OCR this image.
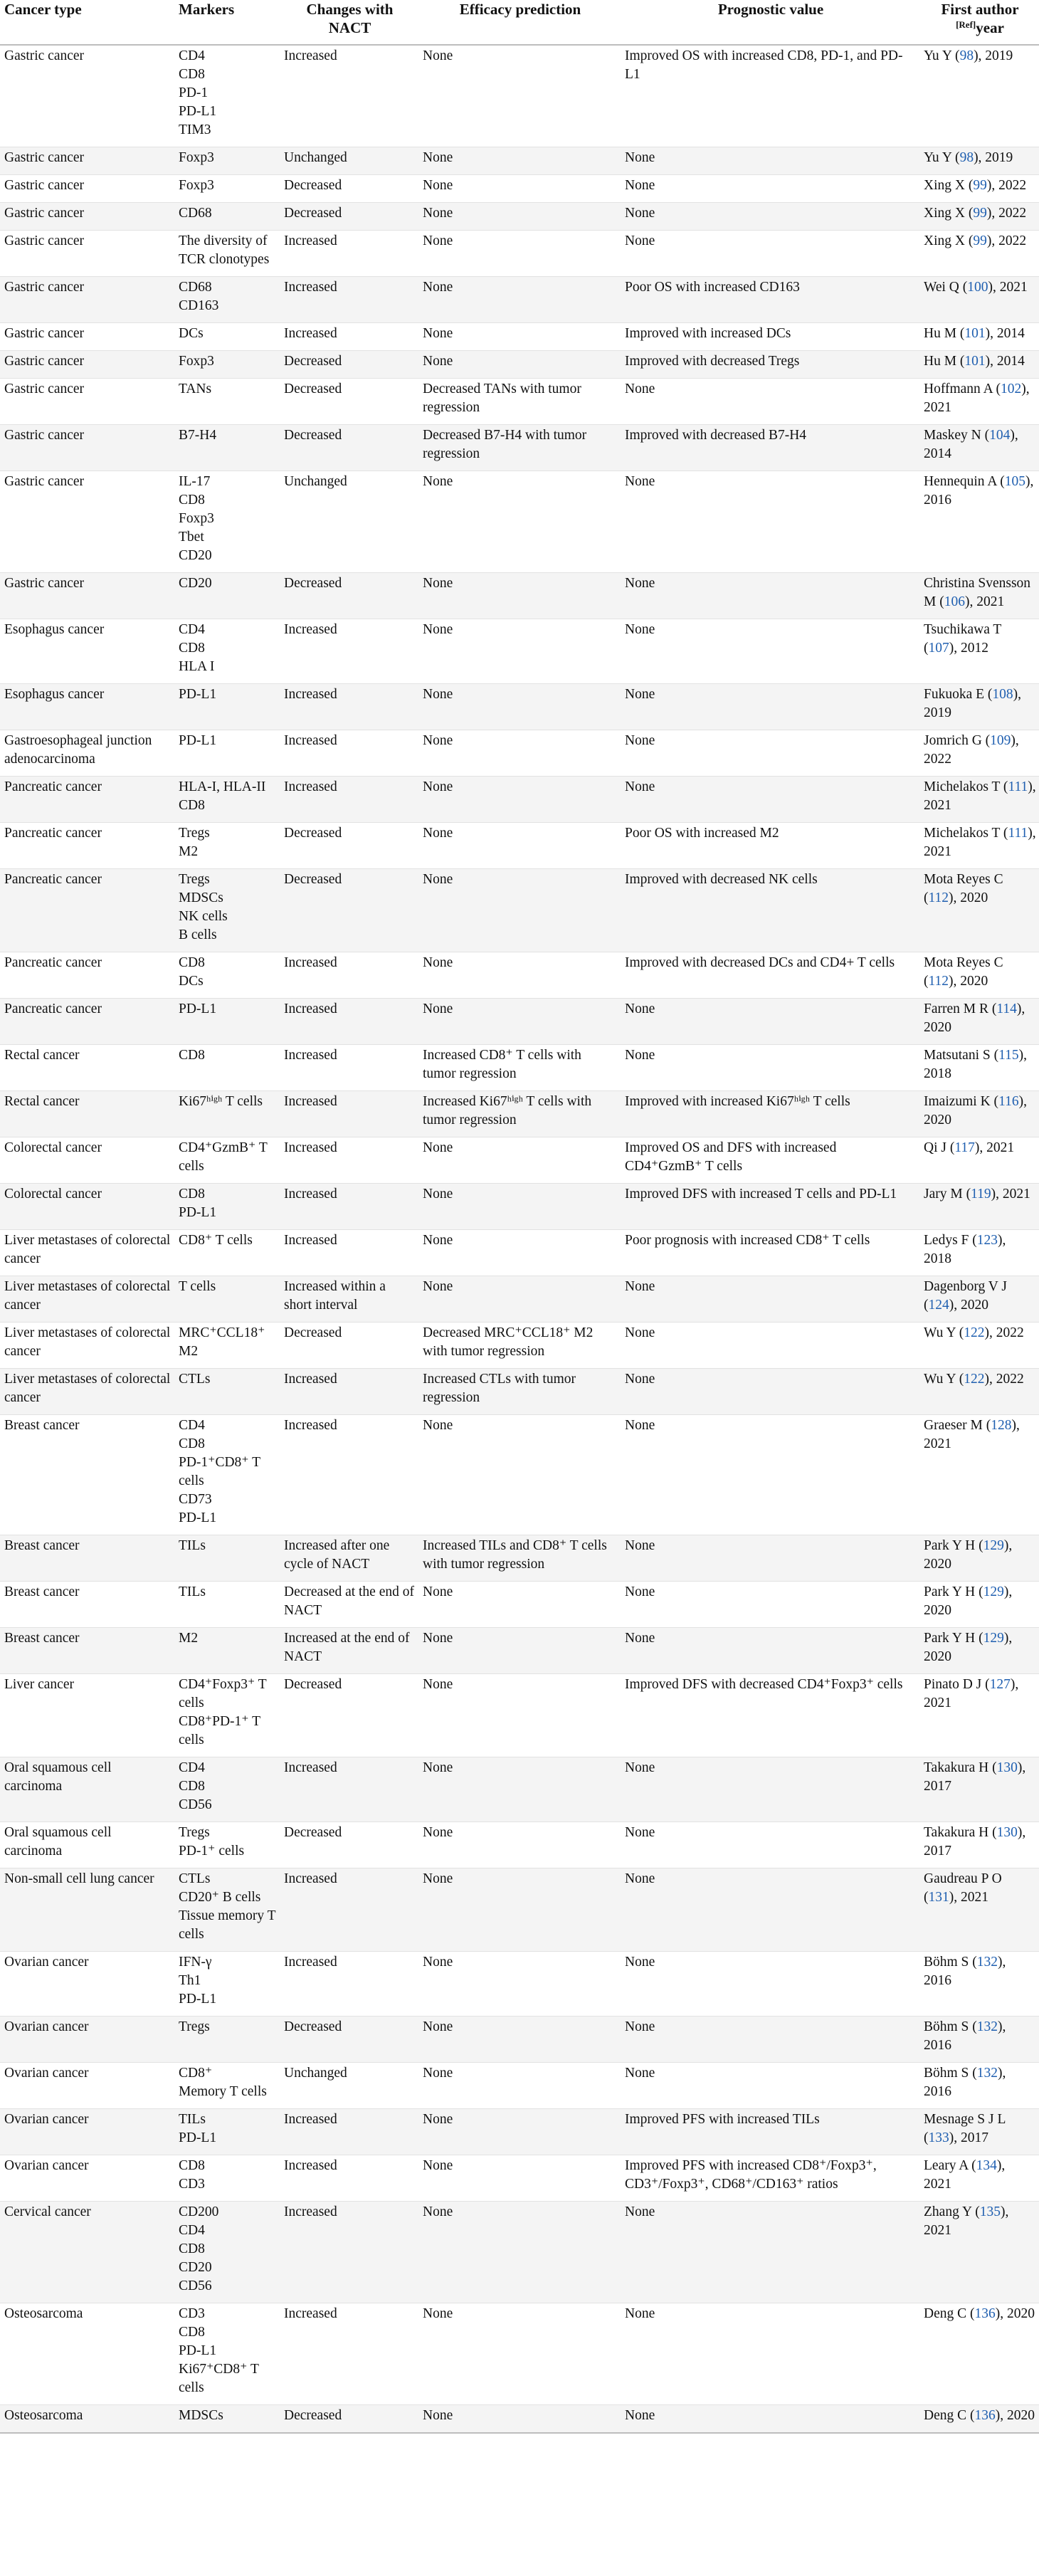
Cancer type	Markers	Changes with NACT	Efficacy prediction	Prognostic value	First author
[Ref]year
Gastric cancer	CD4
CD8
PD-1
PD-L1
TIM3	Increased	None	Improved OS with increased CD8, PD-1, and PD-L1	Yu Y (98), 2019
Gastric cancer	Foxp3	Unchanged	None	None	Yu Y (98), 2019
Gastric cancer	Foxp3	Decreased	None	None	Xing X (99), 2022
Gastric cancer	CD68	Decreased	None	None	Xing X (99), 2022
Gastric cancer	The diversity of TCR clonotypes	Increased	None	None	Xing X (99), 2022
Gastric cancer	CD68
CD163	Increased	None	Poor OS with increased CD163	Wei Q (100), 2021
Gastric cancer	DCs	Increased	None	Improved with increased DCs	Hu M (101), 2014
Gastric cancer	Foxp3	Decreased	None	Improved with decreased Tregs	Hu M (101), 2014
Gastric cancer	TANs	Decreased	Decreased TANs with tumor regression	None	Hoffmann A (102), 2021
Gastric cancer	B7-H4	Decreased	Decreased B7-H4 with tumor regression	Improved with decreased B7-H4	Maskey N (104), 2014
Gastric cancer	IL-17
CD8
Foxp3
Tbet
CD20	Unchanged	None	None	Hennequin A (105), 2016
Gastric cancer	CD20	Decreased	None	None	Christina Svensson M (106), 2021
Esophagus cancer	CD4
CD8
HLA I	Increased	None	None	Tsuchikawa T (107), 2012
Esophagus cancer	PD-L1	Increased	None	None	Fukuoka E (108), 2019
Gastroesophageal junction adenocarcinoma	PD-L1	Increased	None	None	Jomrich G (109), 2022
Pancreatic cancer	HLA-I, HLA-II
CD8	Increased	None	None	Michelakos T (111), 2021
Pancreatic cancer	Tregs
M2	Decreased	None	Poor OS with increased M2	Michelakos T (111), 2021
Pancreatic cancer	Tregs
MDSCs
NK cells
B cells	Decreased	None	Improved with decreased NK cells	Mota Reyes C (112), 2020
Pancreatic cancer	CD8
DCs	Increased	None	Improved with decreased DCs and CD4+ T cells	Mota Reyes C (112), 2020
Pancreatic cancer	PD-L1	Increased	None	None	Farren M R (114), 2020
Rectal cancer	CD8	Increased	Increased CD8⁺ T cells with tumor regression	None	Matsutani S (115), 2018
Rectal cancer	Ki67ʰⁱᵍʰ T cells	Increased	Increased Ki67ʰⁱᵍʰ T cells with tumor regression	Improved with increased Ki67ʰⁱᵍʰ T cells	Imaizumi K (116), 2020
Colorectal cancer	CD4⁺GzmB⁺ T cells	Increased	None	Improved OS and DFS with increased CD4⁺GzmB⁺ T cells	Qi J (117), 2021
Colorectal cancer	CD8
PD-L1	Increased	None	Improved DFS with increased T cells and PD-L1	Jary M (119), 2021
Liver metastases of colorectal cancer	CD8⁺ T cells	Increased	None	Poor prognosis with increased CD8⁺ T cells	Ledys F (123), 2018
Liver metastases of colorectal cancer	T cells	Increased within a short interval	None	None	Dagenborg V J (124), 2020
Liver metastases of colorectal cancer	MRC⁺CCL18⁺ M2	Decreased	Decreased MRC⁺CCL18⁺ M2 with tumor regression	None	Wu Y (122), 2022
Liver metastases of colorectal cancer	CTLs	Increased	Increased CTLs with tumor regression	None	Wu Y (122), 2022
Breast cancer	CD4
CD8
PD-1⁺CD8⁺ T cells
CD73
PD-L1	Increased	None	None	Graeser M (128), 2021
Breast cancer	TILs	Increased after one cycle of NACT	Increased TILs and CD8⁺ T cells with tumor regression	None	Park Y H (129), 2020
Breast cancer	TILs	Decreased at the end of NACT	None	None	Park Y H (129), 2020
Breast cancer	M2	Increased at the end of NACT	None	None	Park Y H (129), 2020
Liver cancer	CD4⁺Foxp3⁺ T cells
CD8⁺PD-1⁺ T cells	Decreased	None	Improved DFS with decreased CD4⁺Foxp3⁺ cells	Pinato D J (127), 2021
Oral squamous cell carcinoma	CD4
CD8
CD56	Increased	None	None	Takakura H (130), 2017
Oral squamous cell carcinoma	Tregs
PD-1⁺ cells	Decreased	None	None	Takakura H (130), 2017
Non-small cell lung cancer	CTLs
CD20⁺ B cells
Tissue memory T cells	Increased	None	None	Gaudreau P O (131), 2021
Ovarian cancer	IFN-γ
Th1
PD-L1	Increased	None	None	Böhm S (132), 2016
Ovarian cancer	Tregs	Decreased	None	None	Böhm S (132), 2016
Ovarian cancer	CD8⁺
Memory T cells	Unchanged	None	None	Böhm S (132), 2016
Ovarian cancer	TILs
PD-L1	Increased	None	Improved PFS with increased TILs	Mesnage S J L (133), 2017
Ovarian cancer	CD8
CD3	Increased	None	Improved PFS with increased CD8⁺/Foxp3⁺, CD3⁺/Foxp3⁺, CD68⁺/CD163⁺ ratios	Leary A (134), 2021
Cervical cancer	CD200
CD4
CD8
CD20
CD56	Increased	None	None	Zhang Y (135), 2021
Osteosarcoma	CD3
CD8
PD-L1
Ki67⁺CD8⁺ T cells	Increased	None	None	Deng C (136), 2020
Osteosarcoma	MDSCs	Decreased	None	None	Deng C (136), 2020
